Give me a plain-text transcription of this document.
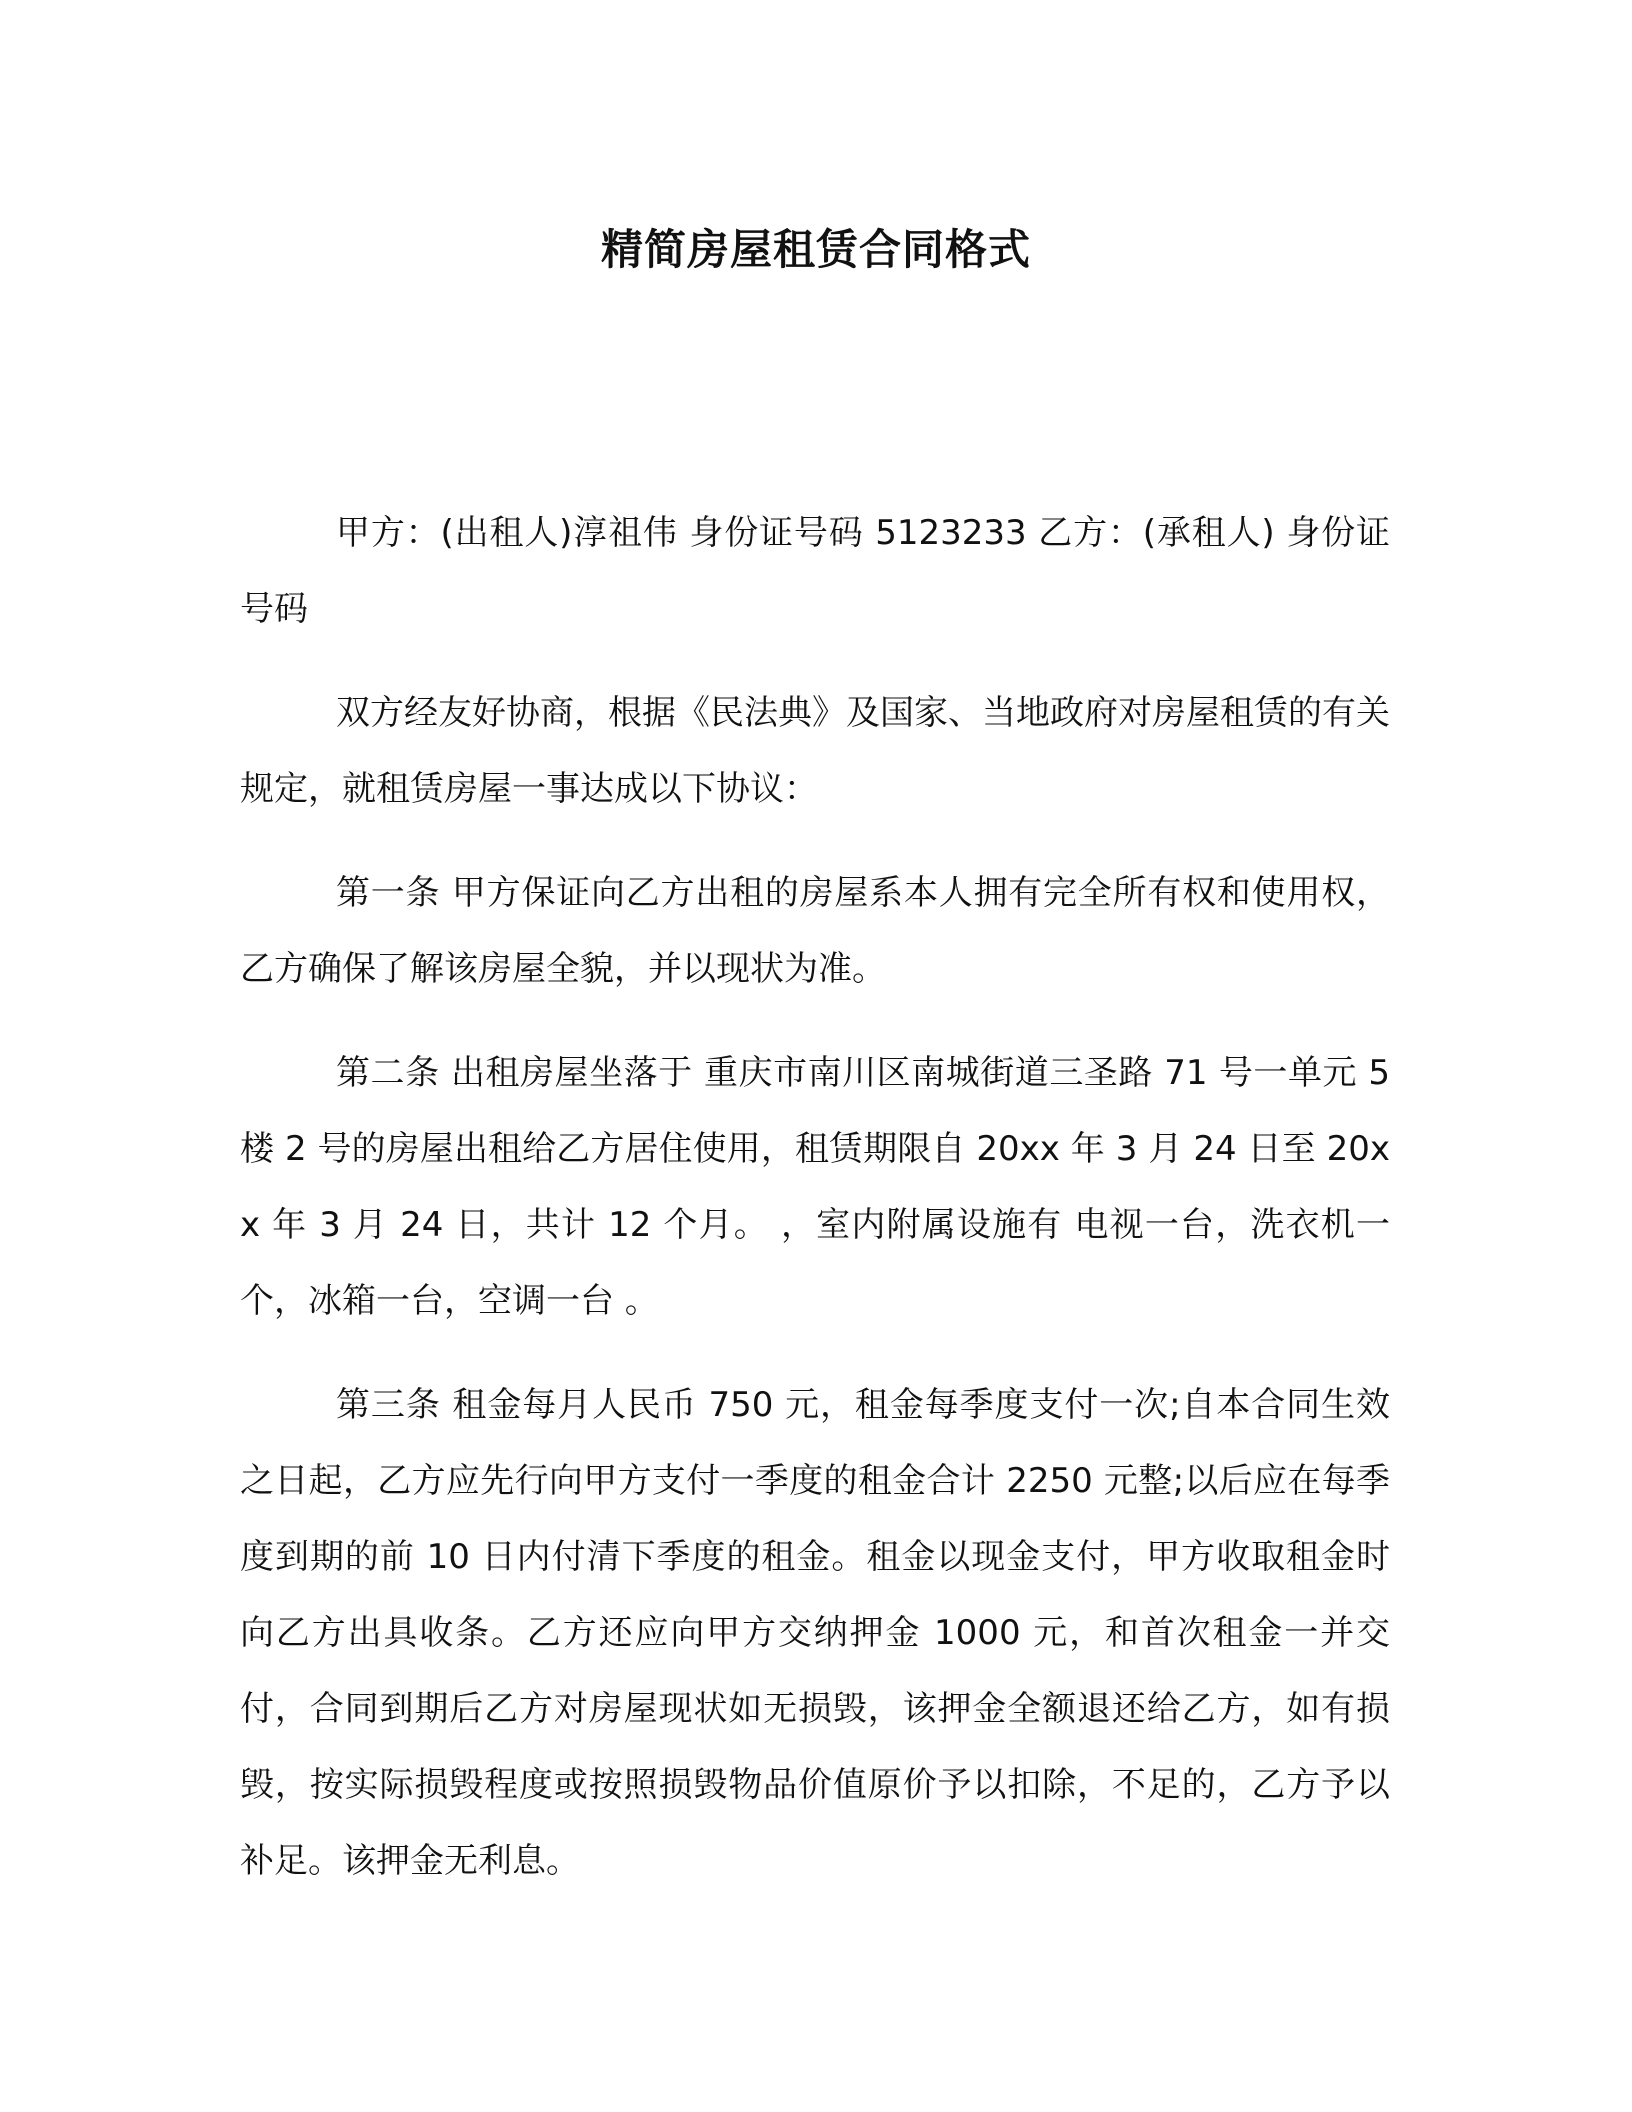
精简房屋租赁合同格式

甲方：(出租人)淳祖伟 身份证号码 5123233 乙方：(承租人) 身份证号码

双方经友好协商，根据《民法典》及国家、当地政府对房屋租赁的有关规定，就租赁房屋一事达成以下协议：

第一条 甲方保证向乙方出租的房屋系本人拥有完全所有权和使用权，乙方确保了解该房屋全貌，并以现状为准。

第二条 出租房屋坐落于 重庆市南川区南城街道三圣路 71 号一单元 5 楼 2 号的房屋出租给乙方居住使用，租赁期限自 20xx 年 3 月 24 日至 20xx 年 3 月 24 日，共计 12 个月。 ，室内附属设施有 电视一台，洗衣机一个，冰箱一台，空调一台 。

第三条 租金每月人民币 750 元，租金每季度支付一次;自本合同生效之日起，乙方应先行向甲方支付一季度的租金合计 2250 元整;以后应在每季度到期的前 10 日内付清下季度的租金。租金以现金支付，甲方收取租金时向乙方出具收条。乙方还应向甲方交纳押金 1000 元，和首次租金一并交付，合同到期后乙方对房屋现状如无损毁，该押金全额退还给乙方，如有损毁，按实际损毁程度或按照损毁物品价值原价予以扣除，不足的，乙方予以补足。该押金无利息。
